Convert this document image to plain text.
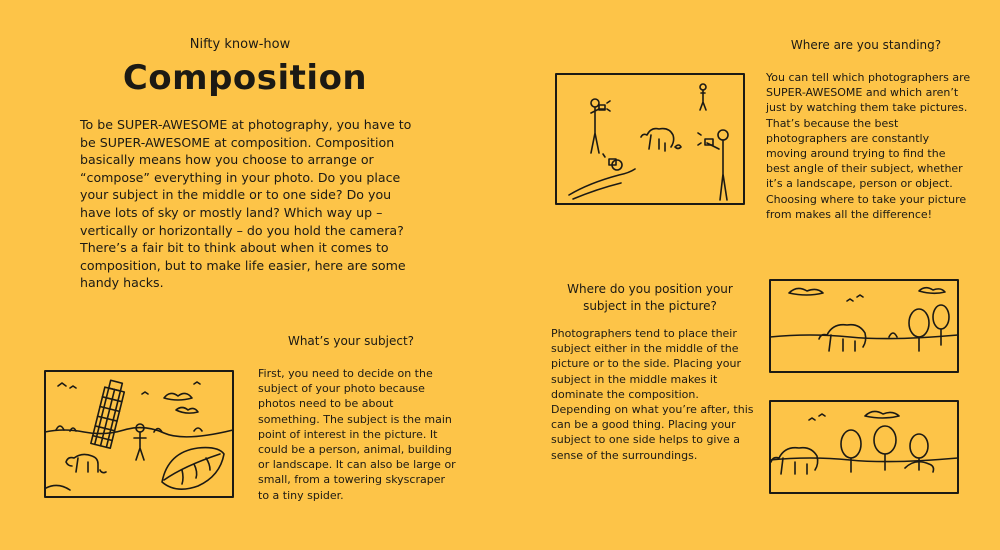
Nifty know-how
Composition
To be SUPER-AWESOME at photography, you have to be SUPER-AWESOME at composition. Composition basically means how you choose to arrange or “compose” everything in your photo. Do you place your subject in the middle or to one side? Do you have lots of sky or mostly land? Which way up – vertically or horizontally – do you hold the camera? There’s a fair bit to think about when it comes to composition, but to make life easier, here are some handy hacks.
What’s your subject?
First, you need to decide on the subject of your photo because photos need to be about something. The subject is the main point of interest in the picture. It could be a person, animal, building or landscape. It can also be large or small, from a towering skyscraper to a tiny spider.
Where are you standing?
You can tell which photographers are SUPER-AWESOME and which aren’t just by watching them take pictures. That’s because the best photographers are constantly moving around trying to find the best angle of their subject, whether it’s a landscape, person or object. Choosing where to take your picture from makes all the difference!
Where do you position your subject in the picture?
Photographers tend to place their subject either in the middle of the picture or to the side. Placing your subject in the middle makes it dominate the composition. Depending on what you’re after, this can be a good thing. Placing your subject to one side helps to give a sense of the surroundings.
